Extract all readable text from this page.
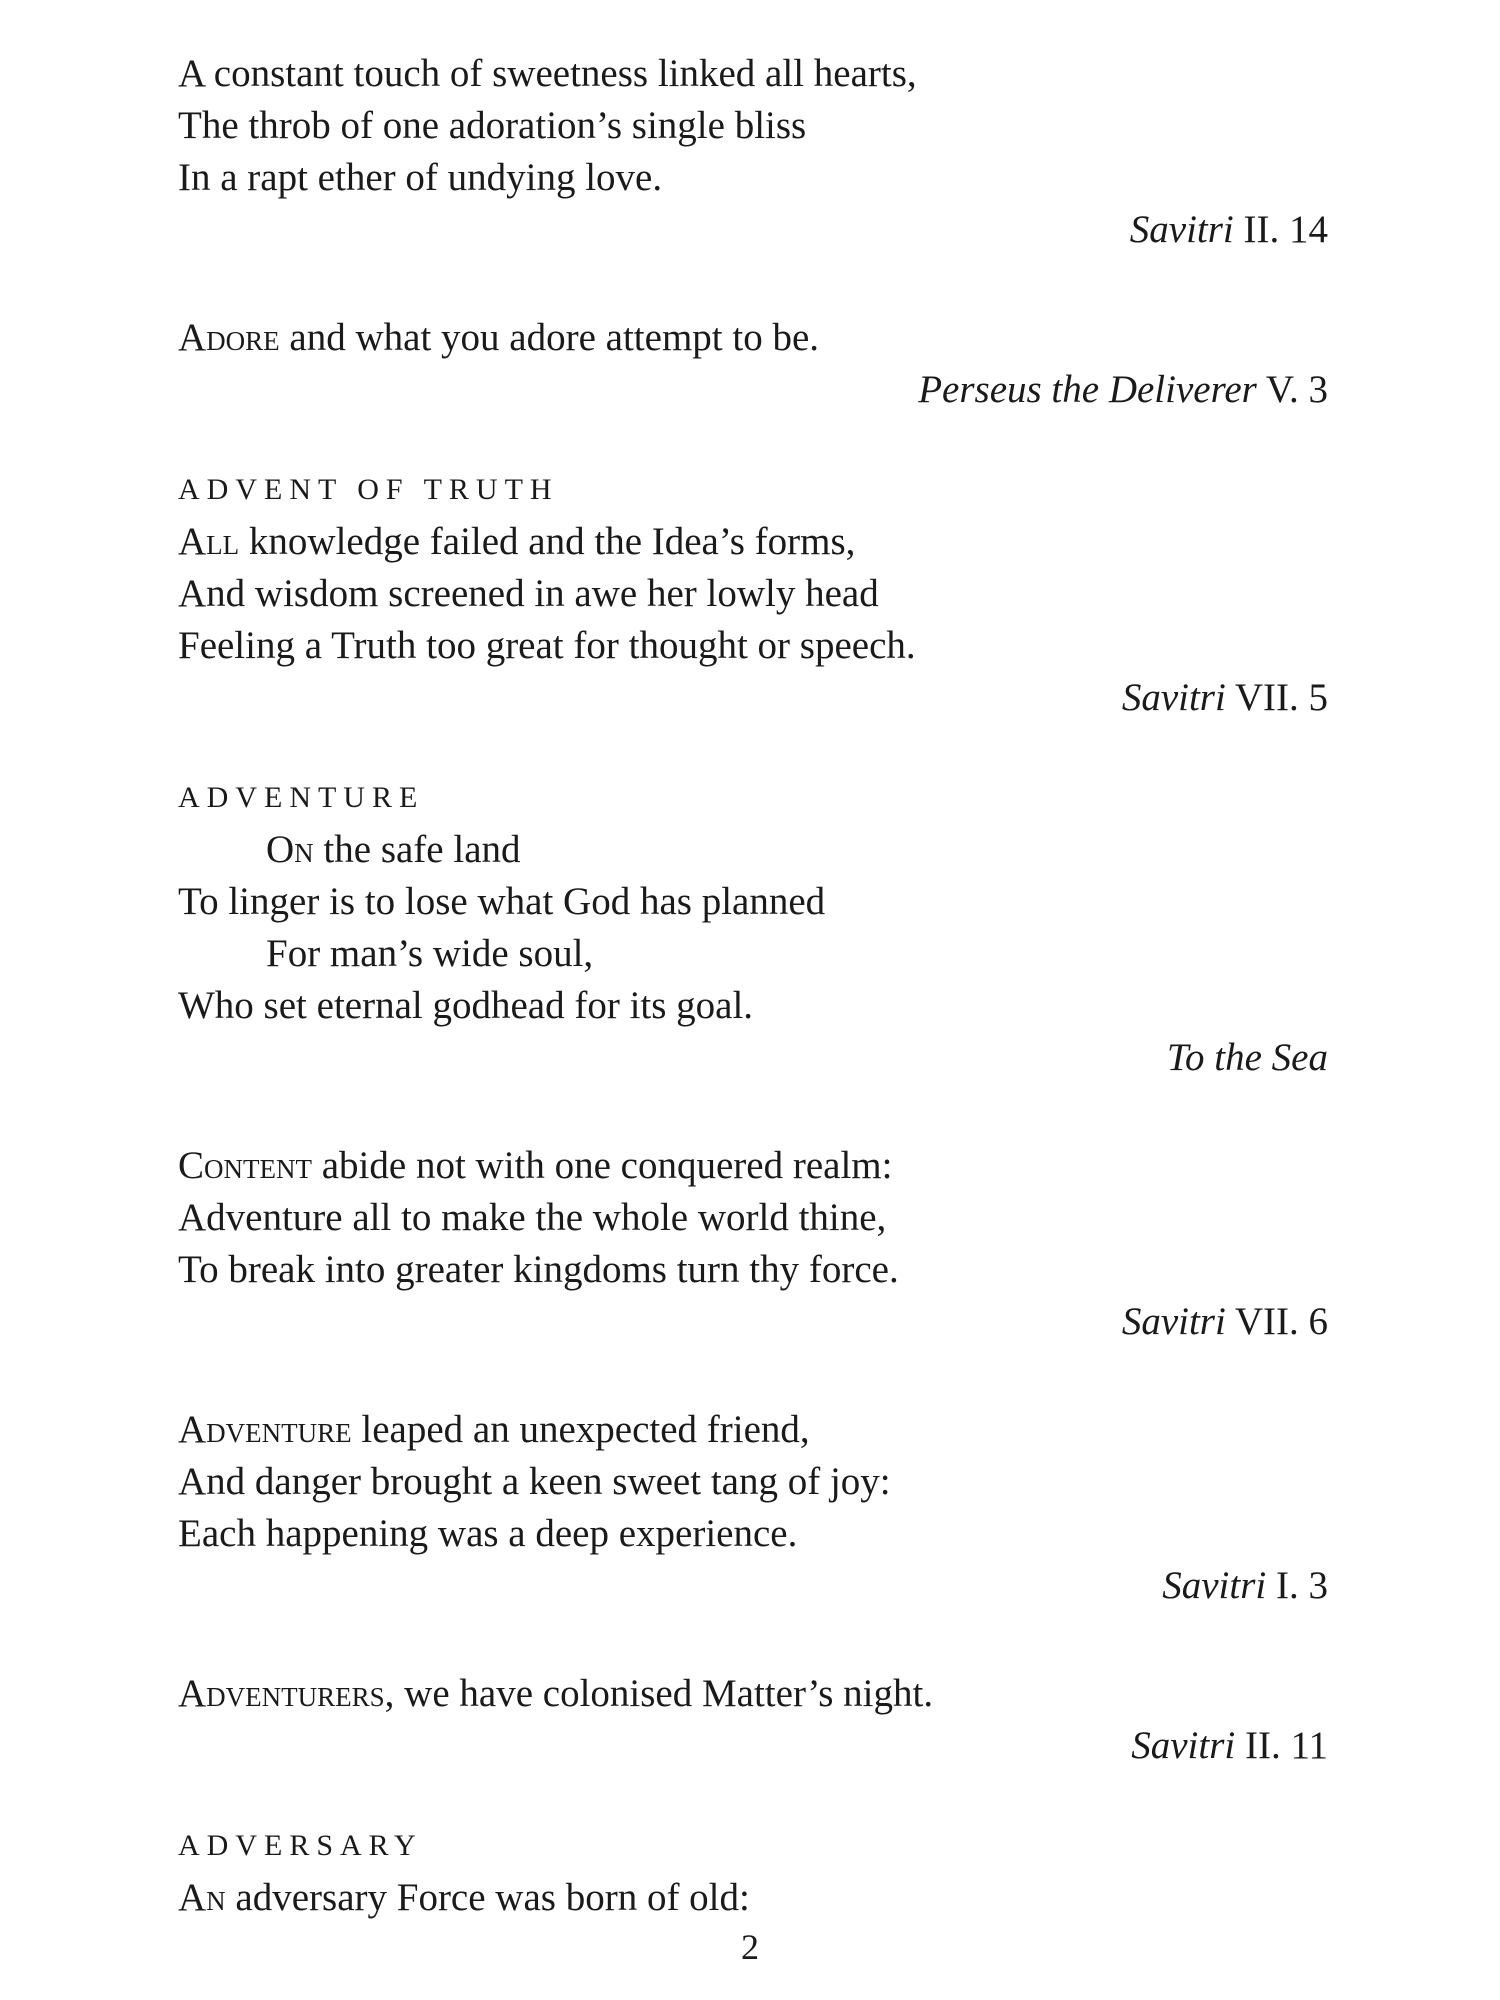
A constant touch of sweetness linked all hearts,
The throb of one adoration’s single bliss
In a rapt ether of undying love.
Savitri II. 14
Adore and what you adore attempt to be.
Perseus the Deliverer V. 3
ADVENT OF TRUTH
All knowledge failed and the Idea’s forms,
And wisdom screened in awe her lowly head
Feeling a Truth too great for thought or speech.
Savitri VII. 5
ADVENTURE
On the safe land
To linger is to lose what God has planned
For man’s wide soul,
Who set eternal godhead for its goal.
To the Sea
Content abide not with one conquered realm:
Adventure all to make the whole world thine,
To break into greater kingdoms turn thy force.
Savitri VII. 6
Adventure leaped an unexpected friend,
And danger brought a keen sweet tang of joy:
Each happening was a deep experience.
Savitri I. 3
Adventurers, we have colonised Matter’s night.
Savitri II. 11
ADVERSARY
An adversary Force was born of old:
2
